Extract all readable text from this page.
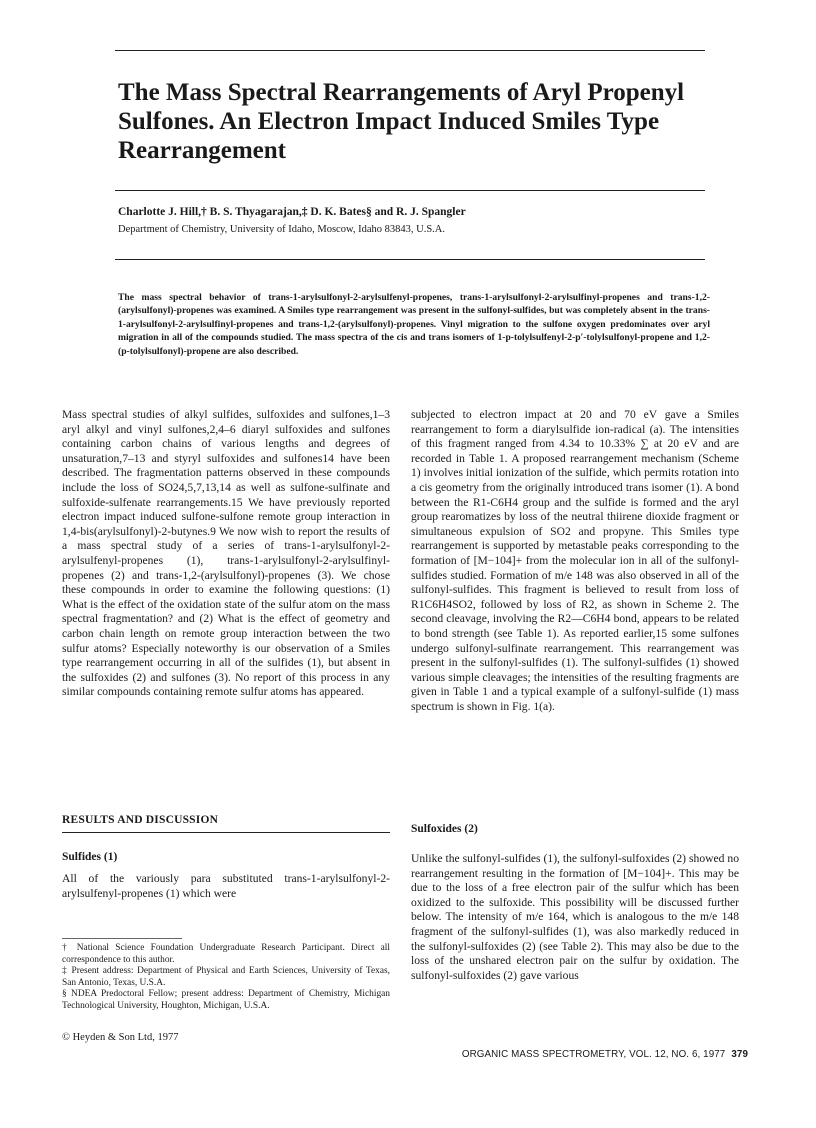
The Mass Spectral Rearrangements of Aryl Propenyl Sulfones. An Electron Impact Induced Smiles Type Rearrangement
Charlotte J. Hill,† B. S. Thyagarajan,‡ D. K. Bates§ and R. J. Spangler
Department of Chemistry, University of Idaho, Moscow, Idaho 83843, U.S.A.

The mass spectral behavior of trans-1-arylsulfonyl-2-arylsulfenyl-propenes, trans-1-arylsulfonyl-2-arylsulfinyl-propenes and trans-1,2-(arylsulfonyl)-propenes was examined. A Smiles type rearrangement was present in the sulfonyl-sulfides, but was completely absent in the trans-1-arylsulfonyl-2-arylsulfinyl-propenes and trans-1,2-(arylsulfonyl)-propenes. Vinyl migration to the sulfone oxygen predominates over aryl migration in all of the compounds studied. The mass spectra of the cis and trans isomers of 1-p-tolylsulfenyl-2-p′-tolylsulfonyl-propene and 1,2-(p-tolylsulfonyl)-propene are also described.

Mass spectral studies of alkyl sulfides, sulfoxides and sulfones,1–3 aryl alkyl and vinyl sulfones,2,4–6 diaryl sulfoxides and sulfones containing carbon chains of various lengths and degrees of unsaturation,7–13 and styryl sulfoxides and sulfones14 have been described. The fragmentation patterns observed in these compounds include the loss of SO24,5,7,13,14 as well as sulfone-sulfinate and sulfoxide-sulfenate rearrangements.15 We have previously reported electron impact induced sulfone-sulfone remote group interaction in 1,4-bis(arylsulfonyl)-2-butynes.9 We now wish to report the results of a mass spectral study of a series of trans-1-arylsulfonyl-2-arylsulfenyl-propenes (1), trans-1-arylsulfonyl-2-arylsulfinyl-propenes (2) and trans-1,2-(arylsulfonyl)-propenes (3). We chose these compounds in order to examine the following questions: (1) What is the effect of the oxidation state of the sulfur atom on the mass spectral fragmentation? and (2) What is the effect of geometry and carbon chain length on remote group interaction between the two sulfur atoms? Especially noteworthy is our observation of a Smiles type rearrangement occurring in all of the sulfides (1), but absent in the sulfoxides (2) and sulfones (3). No report of this process in any similar compounds containing remote sulfur atoms has appeared.

RESULTS AND DISCUSSION
Sulfides (1)

All of the variously para substituted trans-1-arylsulfonyl-2-arylsulfenyl-propenes (1) which were

† National Science Foundation Undergraduate Research Participant. Direct all correspondence to this author.

‡ Present address: Department of Physical and Earth Sciences, University of Texas, San Antonio, Texas, U.S.A.

§ NDEA Predoctoral Fellow; present address: Department of Chemistry, Michigan Technological University, Houghton, Michigan, U.S.A.

© Heyden & Son Ltd, 1977

subjected to electron impact at 20 and 70 eV gave a Smiles rearrangement to form a diarylsulfide ion-radical (a). The intensities of this fragment ranged from 4.34 to 10.33% ∑ at 20 eV and are recorded in Table 1. A proposed rearrangement mechanism (Scheme 1) involves initial ionization of the sulfide, which permits rotation into a cis geometry from the originally introduced trans isomer (1). A bond between the R1-C6H4 group and the sulfide is formed and the aryl group rearomatizes by loss of the neutral thiirene dioxide fragment or simultaneous expulsion of SO2 and propyne. This Smiles type rearrangement is supported by metastable peaks corresponding to the formation of [M−104]+ from the molecular ion in all of the sulfonyl-sulfides studied. Formation of m/e 148 was also observed in all of the sulfonyl-sulfides. This fragment is believed to result from loss of R1C6H4SO2, followed by loss of R2, as shown in Scheme 2. The second cleavage, involving the R2—C6H4 bond, appears to be related to bond strength (see Table 1). As reported earlier,15 some sulfones undergo sulfonyl-sulfinate rearrangement. This rearrangement was present in the sulfonyl-sulfides (1). The sulfonyl-sulfides (1) showed various simple cleavages; the intensities of the resulting fragments are given in Table 1 and a typical example of a sulfonyl-sulfide (1) mass spectrum is shown in Fig. 1(a).

Sulfoxides (2)

Unlike the sulfonyl-sulfides (1), the sulfonyl-sulfoxides (2) showed no rearrangement resulting in the formation of [M−104]+. This may be due to the loss of a free electron pair of the sulfur which has been oxidized to the sulfoxide. This possibility will be discussed further below. The intensity of m/e 164, which is analogous to the m/e 148 fragment of the sulfonyl-sulfides (1), was also markedly reduced in the sulfonyl-sulfoxides (2) (see Table 2). This may also be due to the loss of the unshared electron pair on the sulfur by oxidation. The sulfonyl-sulfoxides (2) gave various

ORGANIC MASS SPECTROMETRY, VOL. 12, NO. 6, 1977 379
